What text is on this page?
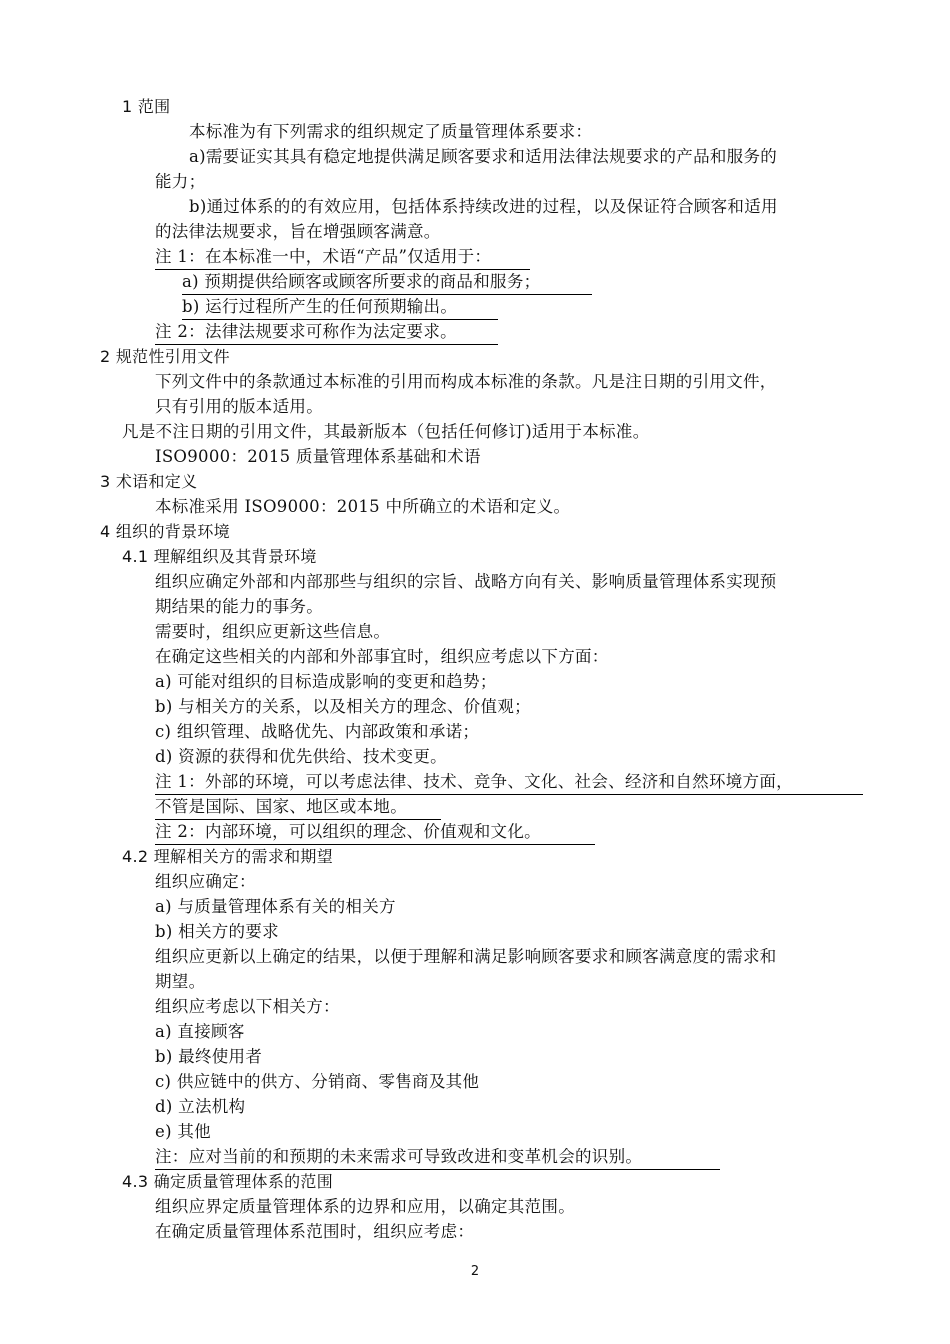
1 范围
本标准为有下列需求的组织规定了质量管理体系要求：
a)需要证实其具有稳定地提供满足顾客要求和适用法律法规要求的产品和服务的
能力；
b)通过体系的的有效应用，包括体系持续改进的过程，以及保证符合顾客和适用
的法律法规要求，旨在增强顾客满意。
注 1：在本标准一中，术语“产品”仅适用于：
a) 预期提供给顾客或顾客所要求的商品和服务；
b) 运行过程所产生的任何预期输出。
注 2：法律法规要求可称作为法定要求。
2 规范性引用文件
下列文件中的条款通过本标准的引用而构成本标准的条款。凡是注日期的引用文件，
只有引用的版本适用。
凡是不注日期的引用文件，其最新版本（包括任何修订)适用于本标准。
ISO9000：2015 质量管理体系基础和术语
3 术语和定义
本标准采用 ISO9000：2015 中所确立的术语和定义。
4 组织的背景环境
4.1 理解组织及其背景环境
组织应确定外部和内部那些与组织的宗旨、战略方向有关、影响质量管理体系实现预
期结果的能力的事务。
需要时，组织应更新这些信息。
在确定这些相关的内部和外部事宜时，组织应考虑以下方面：
a) 可能对组织的目标造成影响的变更和趋势；
b) 与相关方的关系，以及相关方的理念、价值观；
c) 组织管理、战略优先、内部政策和承诺；
d) 资源的获得和优先供给、技术变更。
注 1：外部的环境，可以考虑法律、技术、竞争、文化、社会、经济和自然环境方面，
不管是国际、国家、地区或本地。
注 2：内部环境，可以组织的理念、价值观和文化。
4.2 理解相关方的需求和期望
组织应确定：
a) 与质量管理体系有关的相关方
b) 相关方的要求
组织应更新以上确定的结果，以便于理解和满足影响顾客要求和顾客满意度的需求和
期望。
组织应考虑以下相关方：
a) 直接顾客
b) 最终使用者
c) 供应链中的供方、分销商、零售商及其他
d) 立法机构
e) 其他
注：应对当前的和预期的未来需求可导致改进和变革机会的识别。
4.3 确定质量管理体系的范围
组织应界定质量管理体系的边界和应用，以确定其范围。
在确定质量管理体系范围时，组织应考虑：
2
